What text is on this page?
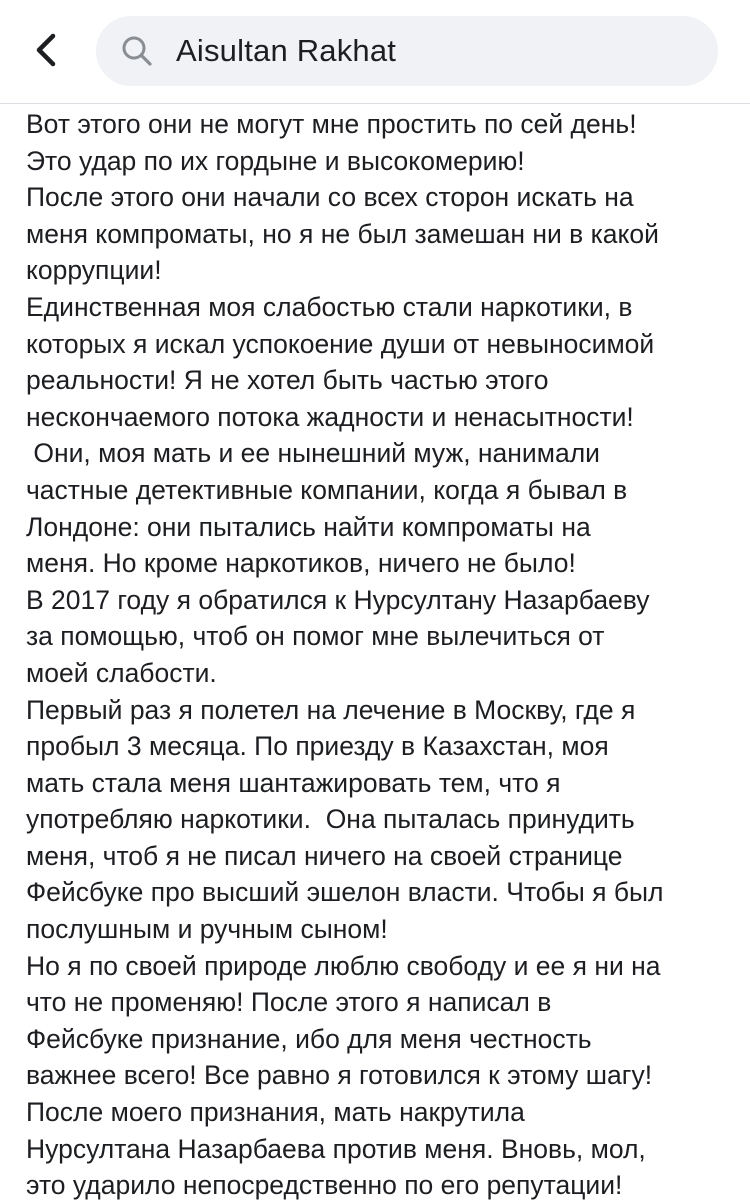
Aisultan Rakhat
Вот этого они не могут мне простить по сей день!
Это удар по их гордыне и высокомерию!
После этого они начали со всех сторон искать на
меня компроматы, но я не был замешан ни в какой
коррупции!
Единственная моя слабостью стали наркотики, в
которых я искал успокоение души от невыносимой
реальности! Я не хотел быть частью этого
нескончаемого потока жадности и ненасытности!
Они, моя мать и ее нынешний муж, нанимали
частные детективные компании, когда я бывал в
Лондоне: они пытались найти компроматы на
меня. Но кроме наркотиков, ничего не было!
В 2017 году я обратился к Нурсултану Назарбаеву
за помощью, чтоб он помог мне вылечиться от
моей слабости.
Первый раз я полетел на лечение в Москву, где я
пробыл 3 месяца. По приезду в Казахстан, моя
мать стала меня шантажировать тем, что я
употребляю наркотики.  Она пыталась принудить
меня, чтоб я не писал ничего на своей странице
Фейсбуке про высший эшелон власти. Чтобы я был
послушным и ручным сыном!
Но я по своей природе люблю свободу и ее я ни на
что не променяю! После этого я написал в
Фейсбуке признание, ибо для меня честность
важнее всего! Все равно я готовился к этому шагу!
После моего признания, мать накрутила
Нурсултана Назарбаева против меня. Вновь, мол,
это ударило непосредственно по его репутации!
